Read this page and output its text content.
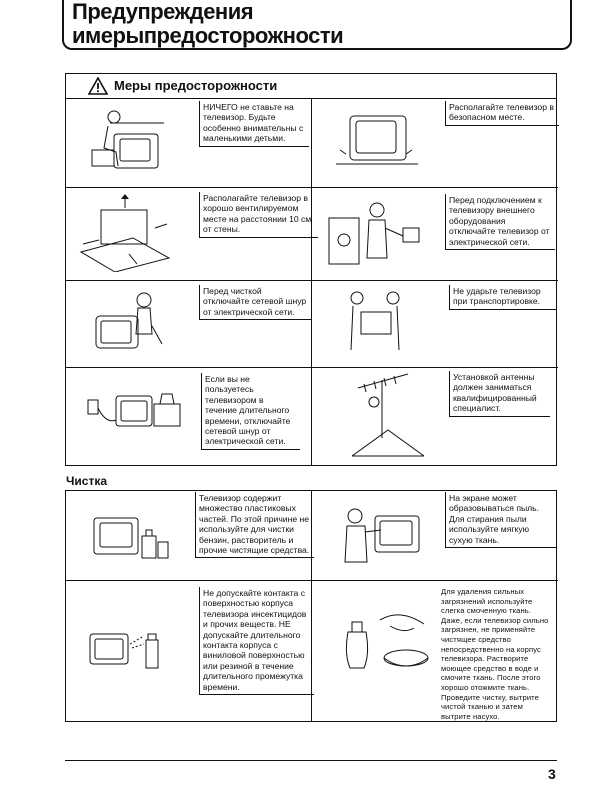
Предупреждения
имерыпредосторожности
Меры предосторожности
НИЧЕГО не ставьте на телевизор. Будьте особенно внимательны с маленькими детьми.
Располагайте телевизор в безопасном месте.
Располагайте телевизор в хорошо вентилируемом месте на расстоянии 10 см от стены.
Перед подключением к телевизору внешнего оборудования отключайте телевизор от электрической сети.
Перед чисткой отключайте сетевой шнур от электрической сети.
Не ударьте телевизор при транспортировке.
Если вы не пользуетесь телевизором в течение длительного времени, отключайте сетевой шнур от электрической сети.
Установкой антенны должен заниматься квалифицированный специалист.
Чистка
Телевизор содержит множество пластиковых частей. По этой причине не используйте для чистки бензин, растворитель и прочие чистящие средства.
На экране может образовываться пыль. Для стирания пыли используйте мягкую сухую ткань.
Не допускайте контакта с поверхностью корпуса телевизора инсектицидов и прочих веществ. НЕ допускайте длительного контакта корпуса с виниловой поверхностью или резиной в течение длительного промежутка времени.
Для удаления сильных загрязнений используйте слегка смоченную ткань. Даже, если телевизор сильно загрязнен, не применяйте чистящее средство непосредственно на корпус телевизора. Растворите моющее средство в воде и смочите ткань. После этого хорошо отожмите ткань. Проведите чистку, вытрите чистой тканью и затем вытрите насухо.
3
